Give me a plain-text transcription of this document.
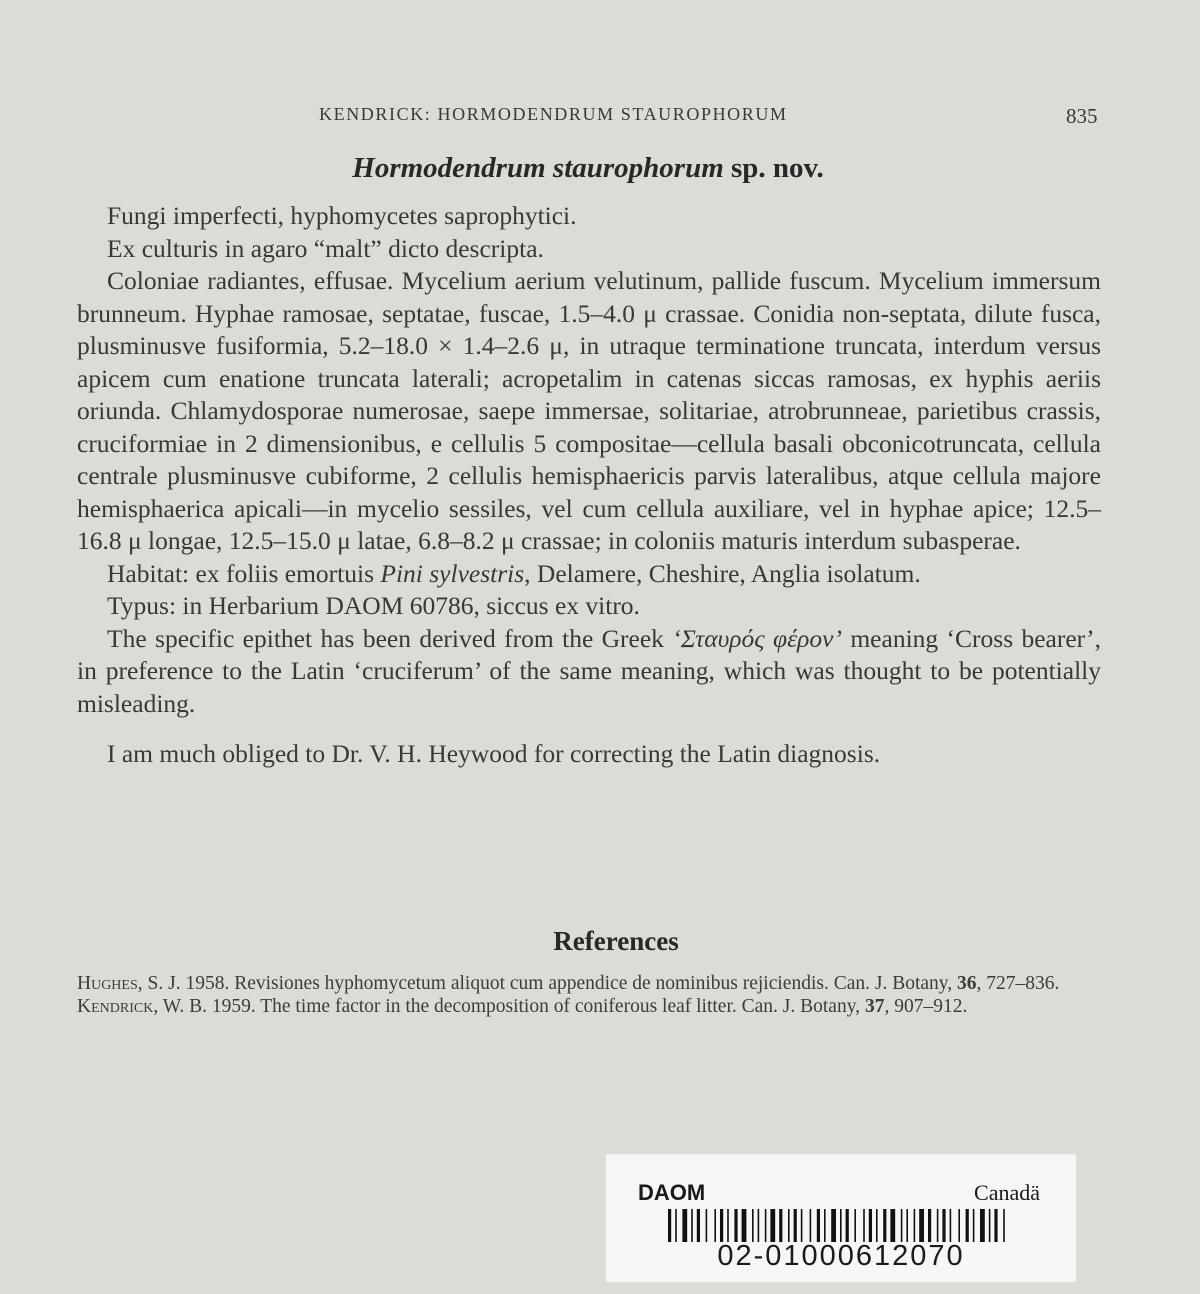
KENDRICK: HORMODENDRUM STAUROPHORUM	835
Hormodendrum staurophorum sp. nov.

Fungi imperfecti, hyphomycetes saprophytici.

Ex culturis in agaro “malt” dicto descripta.

Coloniae radiantes, effusae. Mycelium aerium velutinum, pallide fuscum. Mycelium immersum brunneum. Hyphae ramosae, septatae, fuscae, 1.5–4.0 μ crassae. Conidia non-septata, dilute fusca, plusminusve fusiformia, 5.2–18.0 × 1.4–2.6 μ, in utraque terminatione truncata, interdum versus apicem cum enatione truncata laterali; acropetalim in catenas siccas ramosas, ex hyphis aeriis oriunda. Chlamydosporae numerosae, saepe immersae, solitariae, atrobrunneae, parietibus crassis, cruciformiae in 2 dimensionibus, e cellulis 5 compositae—cellula basali obconicotruncata, cellula centrale plusminusve cubiforme, 2 cellulis hemisphaericis parvis lateralibus, atque cellula majore hemisphaerica apicali—in mycelio sessiles, vel cum cellula auxiliare, vel in hyphae apice; 12.5–16.8 μ longae, 12.5–15.0 μ latae, 6.8–8.2 μ crassae; in coloniis maturis interdum subasperae.

Habitat: ex foliis emortuis Pini sylvestris, Delamere, Cheshire, Anglia isolatum.

Typus: in Herbarium DAOM 60786, siccus ex vitro.

The specific epithet has been derived from the Greek ‘Σταυρός φέρον’ meaning ‘Cross bearer’, in preference to the Latin ‘cruciferum’ of the same meaning, which was thought to be potentially misleading.

I am much obliged to Dr. V. H. Heywood for correcting the Latin diagnosis.

References

Hughes, S. J. 1958. Revisiones hyphomycetum aliquot cum appendice de nominibus rejiciendis. Can. J. Botany, 36, 727–836.

Kendrick, W. B. 1959. The time factor in the decomposition of coniferous leaf litter. Can. J. Botany, 37, 907–912.

DAOM	Canadä
02-01000612070
